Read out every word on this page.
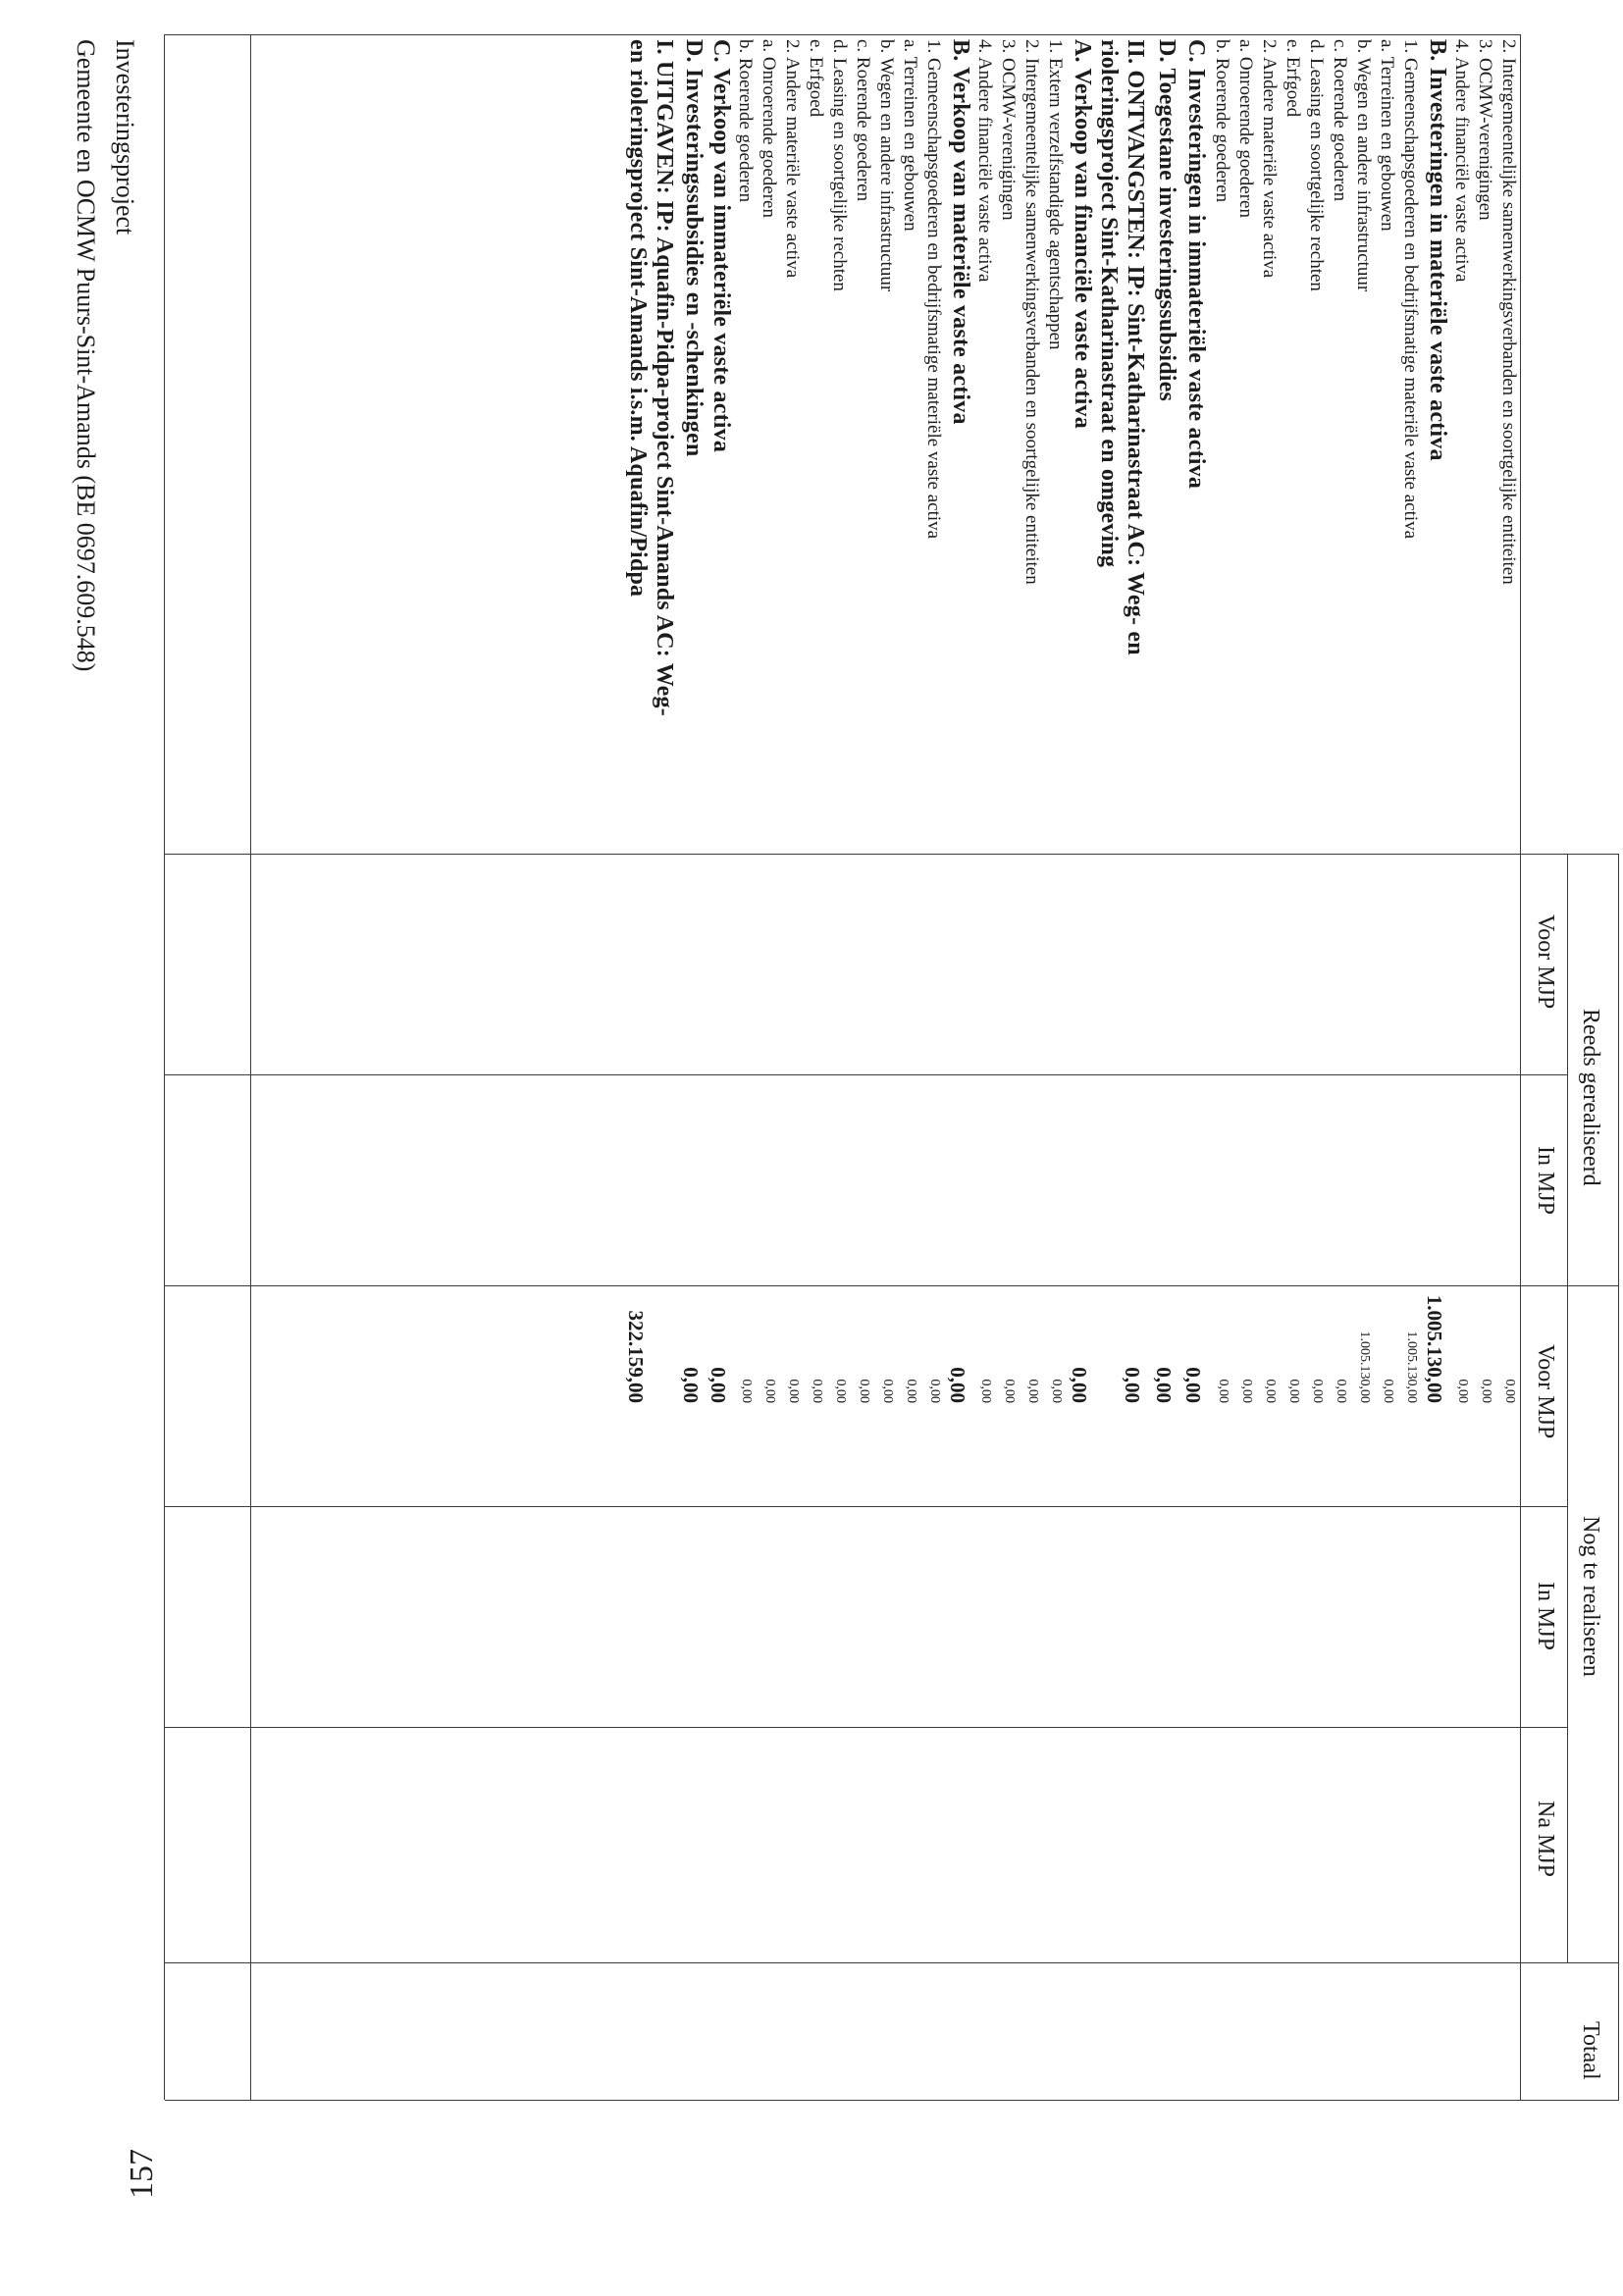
Reeds gerealiseerd
Nog te realiseren
Totaal
Voor MJP
In MJP
Voor MJP
In MJP
Na MJP
2. Intergemeentelijke samenwerkingsverbanden en soortgelijke entiteiten
0,00
3. OCMW-verenigingen
0,00
4. Andere financiële vaste activa
0,00
B. Investeringen in materiële vaste activa
1.005.130,00
1. Gemeenschapsgoederen en bedrijfsmatige materiële vaste activa
1.005.130,00
a. Terreinen en gebouwen
0,00
b. Wegen en andere infrastructuur
1.005.130,00
c. Roerende goederen
0,00
d. Leasing en soortgelijke rechten
0,00
e. Erfgoed
0,00
2. Andere materiële vaste activa
0,00
a. Onroerende goederen
0,00
b. Roerende goederen
0,00
C. Investeringen in immateriële vaste activa
0,00
D. Toegestane investeringssubsidies
0,00
II. ONTVANGSTEN: IP: Sint-Katharinastraat AC: Weg- en
rioleringsproject Sint-Katharinastraat en omgeving
0,00
A. Verkoop van financiële vaste activa
0,00
1. Extern verzelfstandigde agentschappen
0,00
2. Intergemeentelijke samenwerkingsverbanden en soortgelijke entiteiten
0,00
3. OCMW-verenigingen
0,00
4. Andere financiële vaste activa
0,00
B. Verkoop van materiële vaste activa
0,00
1. Gemeenschapsgoederen en bedrijfsmatige materiële vaste activa
0,00
a. Terreinen en gebouwen
0,00
b. Wegen en andere infrastructuur
0,00
c. Roerende goederen
0,00
d. Leasing en soortgelijke rechten
0,00
e. Erfgoed
0,00
2. Andere materiële vaste activa
0,00
a. Onroerende goederen
0,00
b. Roerende goederen
0,00
C. Verkoop van immateriële vaste activa
0,00
D. Investeringssubsidies en -schenkingen
0,00
I. UITGAVEN: IP: Aquafin-Pidpa-project Sint-Amands AC: Weg-
en rioleringsproject Sint-Amands i.s.m. Aquafin/Pidpa
322.159,00
Investeringsproject
Gemeente en OCMW Puurs-Sint-Amands (BE 0697.609.548)
157
